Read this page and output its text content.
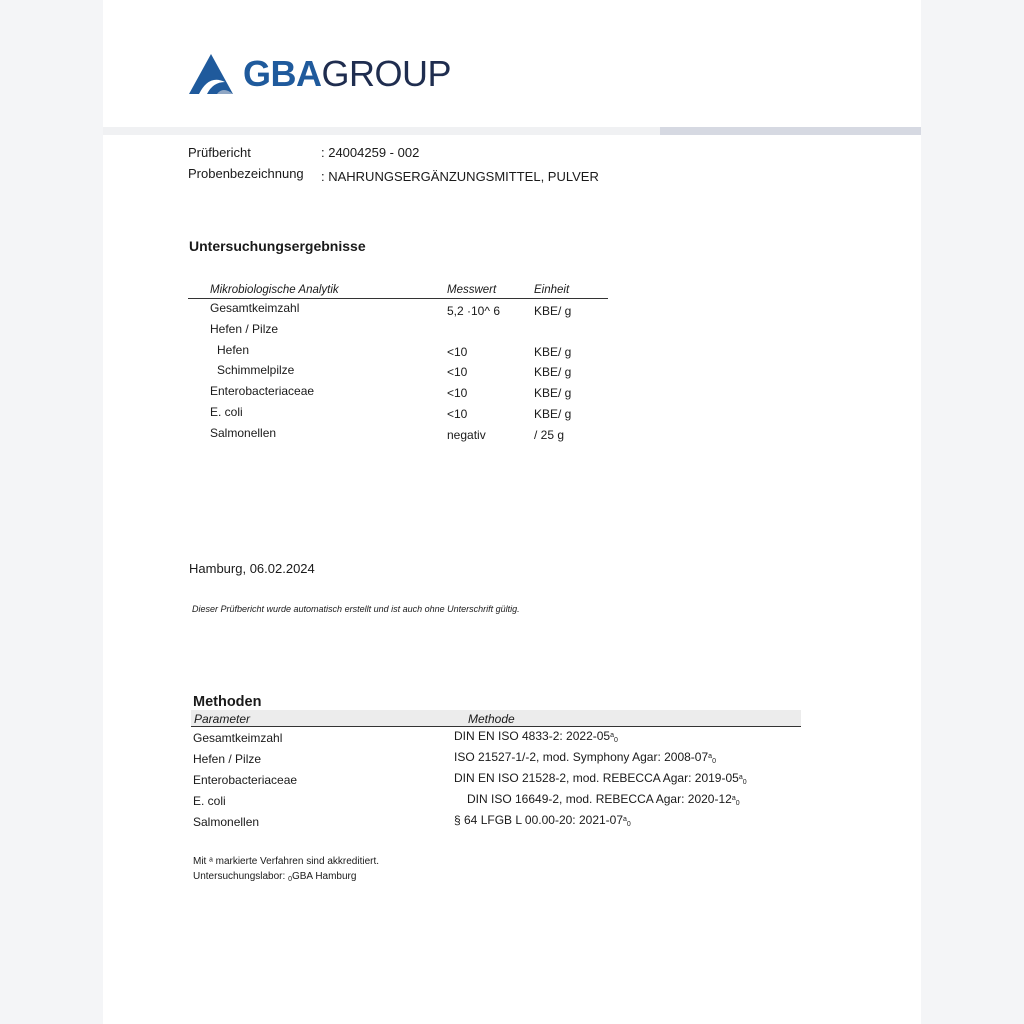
GBAGROUP
Prüfbericht	: 24004259 - 002
Probenbezeichnung : NAHRUNGSERGÄNZUNGSMITTEL, PULVER
Untersuchungsergebnisse
Mikrobiologische Analytik	Messwert	Einheit
Gesamtkeimzahl	5,2 ·10^ 6	KBE/ g
Hefen / Pilze
Hefen	<10	KBE/ g
Schimmelpilze	<10	KBE/ g
Enterobacteriaceae	<10	KBE/ g
E. coli	<10	KBE/ g
Salmonellen	negativ	/ 25 g
Hamburg, 06.02.2024
Dieser Prüfbericht wurde automatisch erstellt und ist auch ohne Unterschrift gültig.
Methoden
Parameter	Methode
Gesamtkeimzahl	DIN EN ISO 4833-2: $2022-05^a_0$
Hefen / Pilze	ISO 21527-1/-2, mod. Symphony Agar: $2008-07^a_0$
Enterobacteriaceae	DIN EN ISO 21528-2, mod. REBECCA Agar: $2019-05^a_0$
E. coli	DIN ISO 16649-2, mod. REBECCA Agar: $2020-12^a_0$
Salmonellen	§ 64 LFGB L 00.00-20: $2021-07^a_0$
Mit ᵃ markierte Verfahren sind akkreditiert.
Untersuchungslabor: $_0$GBA Hamburg
